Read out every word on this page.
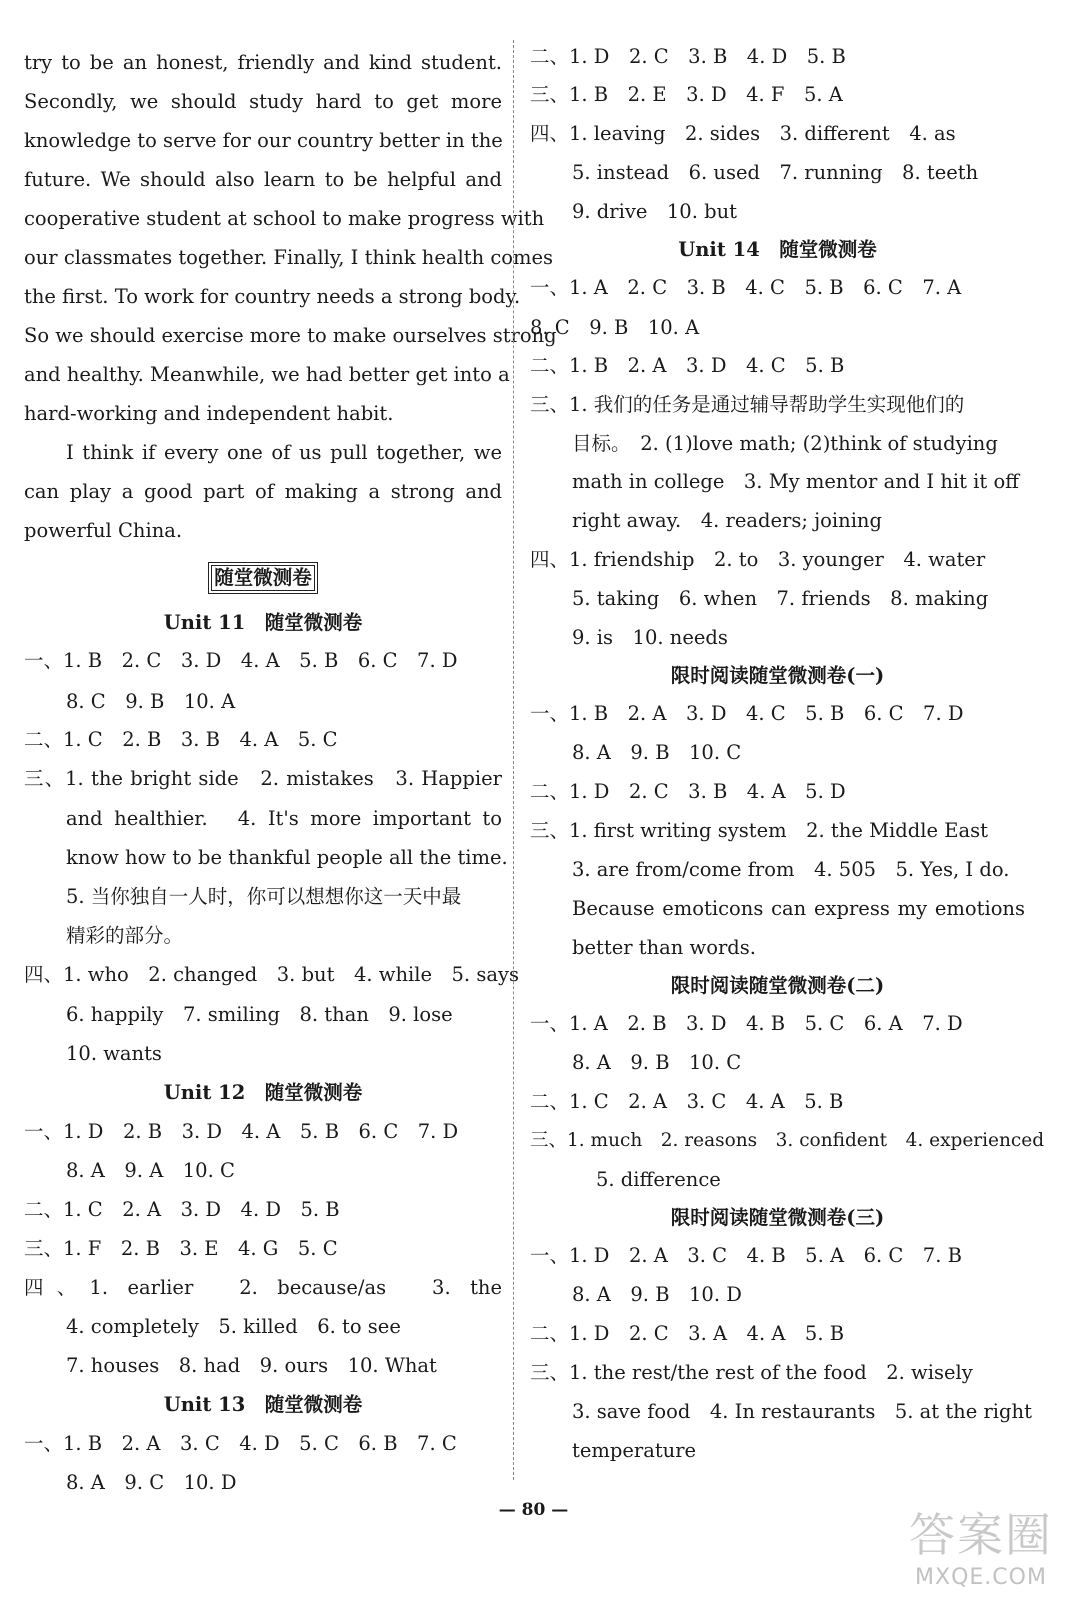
try to be an honest, friendly and kind student.
Secondly, we should study hard to get more
knowledge to serve for our country better in the
future. We should also learn to be helpful and
cooperative student at school to make progress with
our classmates together. Finally, I think health comes
the first. To work for country needs a strong body.
So we should exercise more to make ourselves strong
and healthy. Meanwhile, we had better get into a
hard-working and independent habit.
I think if every one of us pull together, we
can play a good part of making a strong and
powerful China.
随堂微测卷
Unit 11　随堂微测卷
一、1. B　2. C　3. D　4. A　5. B　6. C　7. D
8. C　9. B　10. A
二、1. C　2. B　3. B　4. A　5. C
三、1. the bright side　2. mistakes　3. Happier
and healthier.　4. It's more important to
know how to be thankful people all the time.
5. 当你独自一人时，你可以想想你这一天中最
精彩的部分。
四、1. who　2. changed　3. but　4. while　5. says
6. happily　7. smiling　8. than　9. lose
10. wants
Unit 12　随堂微测卷
一、1. D　2. B　3. D　4. A　5. B　6. C　7. D
8. A　9. A　10. C
二、1. C　2. A　3. D　4. D　5. B
三、1. F　2. B　3. E　4. G　5. C
四、1. earlier　2. because/as　3. the
4. completely　5. killed　6. to see
7. houses　8. had　9. ours　10. What
Unit 13　随堂微测卷
一、1. B　2. A　3. C　4. D　5. C　6. B　7. C
8. A　9. C　10. D
二、1. D　2. C　3. B　4. D　5. B
三、1. B　2. E　3. D　4. F　5. A
四、1. leaving　2. sides　3. different　4. as
5. instead　6. used　7. running　8. teeth
9. drive　10. but
Unit 14　随堂微测卷
一、1. A　2. C　3. B　4. C　5. B　6. C　7. A
8. C　9. B　10. A
二、1. B　2. A　3. D　4. C　5. B
三、1. 我们的任务是通过辅导帮助学生实现他们的
目标。　2. (1)love math; (2)think of studying
math in college　3. My mentor and I hit it off
right away.　4. readers; joining
四、1. friendship　2. to　3. younger　4. water
5. taking　6. when　7. friends　8. making
9. is　10. needs
限时阅读随堂微测卷(一)
一、1. B　2. A　3. D　4. C　5. B　6. C　7. D
8. A　9. B　10. C
二、1. D　2. C　3. B　4. A　5. D
三、1. first writing system　2. the Middle East
3. are from/come from　4. 505　5. Yes, I do.
Because emoticons can express my emotions
better than words.
限时阅读随堂微测卷(二)
一、1. A　2. B　3. D　4. B　5. C　6. A　7. D
8. A　9. B　10. C
二、1. C　2. A　3. C　4. A　5. B
三、1. much　2. reasons　3. confident　4. experienced
5. difference
限时阅读随堂微测卷(三)
一、1. D　2. A　3. C　4. B　5. A　6. C　7. B
8. A　9. B　10. D
二、1. D　2. C　3. A　4. A　5. B
三、1. the rest/the rest of the food　2. wisely
3. save food　4. In restaurants　5. at the right
temperature
— 80 —	答案圈
MXQE.COM
